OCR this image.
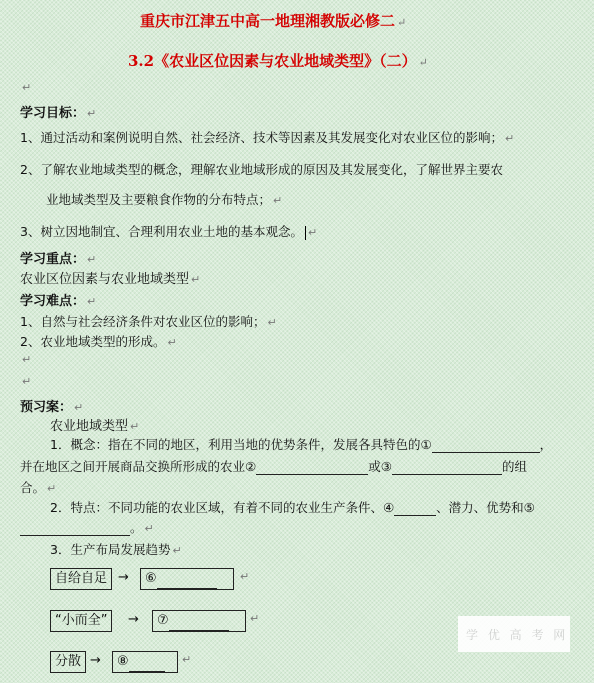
重庆市江津五中高一地理湘教版必修二 ↵
3.2《农业区位因素与农业地域类型》（二） ↵
↵
学习目标： ↵
1、通过活动和案例说明自然、社会经济、技术等因素及其发展变化对农业区位的影响； ↵
2、了解农业地域类型的概念，理解农业地域形成的原因及其发展变化，了解世界主要农
业地域类型及主要粮食作物的分布特点； ↵
3、树立因地制宜、合理利用农业土地的基本观念。 ↵
学习重点： ↵
农业区位因素与农业地域类型 ↵
学习难点： ↵
1、自然与社会经济条件对农业区位的影响； ↵
2、农业地域类型的形成。 ↵
↵
↵
预习案： ↵
农业地域类型 ↵
1．概念：指在不同的地区，利用当地的优势条件，发展各具特色的①	，
并在地区之间开展商品交换所形成的农业②	或③	的组
合。 ↵
2．特点：不同功能的农业区域，有着不同的农业生产条件、④	、潜力、优势和⑤
。 ↵
3．生产布局发展趋势 ↵
自给自足 →	⑥	↵
“小而全”	→	⑦	↵
分散 →	⑧	↵
学 优 高 考 网
